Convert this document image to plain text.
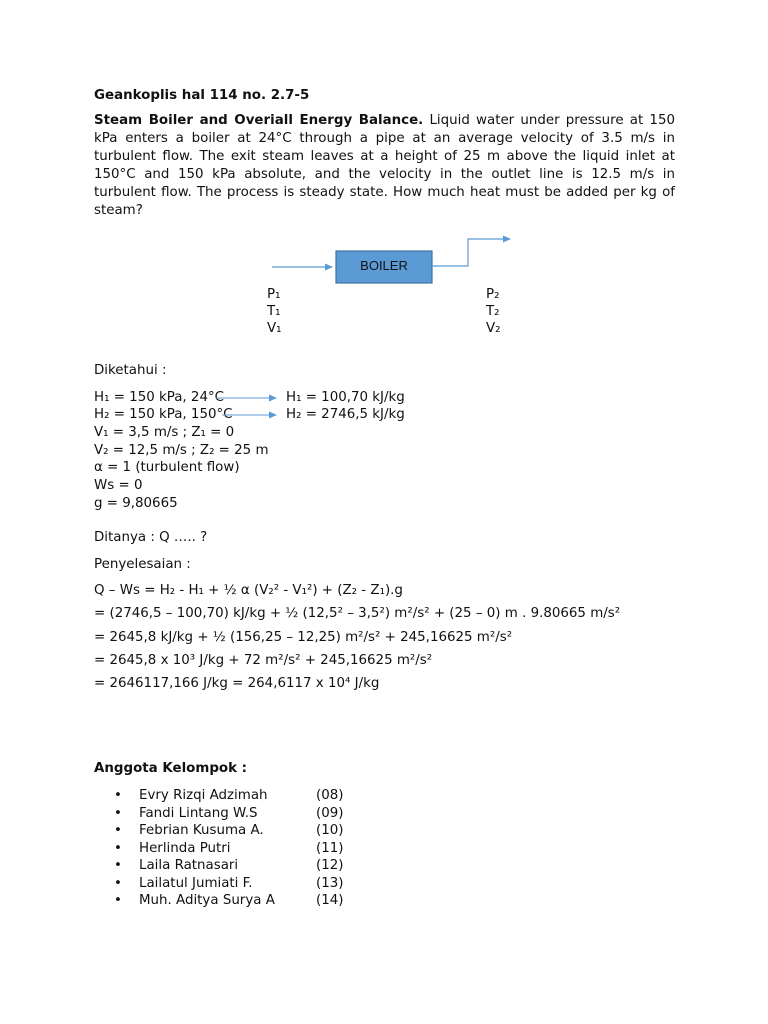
Geankoplis hal 114 no. 2.7-5
Steam Boiler and Overiall Energy Balance. Liquid water under pressure at 150 kPa enters a boiler at 24°C through a pipe at an average velocity of 3.5 m/s in turbulent flow. The exit steam leaves at a height of 25 m above the liquid inlet at 150°C and 150 kPa absolute, and the velocity in the outlet line is 12.5 m/s in turbulent flow. The process is steady state. How much heat must be added per kg of steam?
BOILER
P₁
T₁
V₁
P₂
T₂
V₂
Diketahui :
H₁ = 150 kPa, 24°C	H₁ = 100,70 kJ/kg
H₂ = 150 kPa, 150°C	H₂ = 2746,5 kJ/kg
V₁ = 3,5 m/s ; Z₁ = 0
V₂ = 12,5 m/s ; Z₂ = 25 m
α = 1 (turbulent flow)
Ws = 0
g = 9,80665
Ditanya : Q ….. ?
Penyelesaian :
Q – Ws = H₂ - H₁ + ½ α (V₂² - V₁²) + (Z₂ - Z₁).g
= (2746,5 – 100,70) kJ/kg + ½ (12,5² – 3,5²) m²/s² + (25 – 0) m . 9.80665 m/s²
= 2645,8 kJ/kg + ½ (156,25 – 12,25) m²/s² + 245,16625 m²/s²
= 2645,8 x 10³ J/kg + 72 m²/s² + 245,16625 m²/s²
= 2646117,166 J/kg = 264,6117 x 10⁴ J/kg
Anggota Kelompok :
• Evry Rizqi Adzimah	(08)
• Fandi Lintang W.S	(09)
• Febrian Kusuma A.	(10)
• Herlinda Putri	(11)
• Laila Ratnasari	(12)
• Lailatul Jumiati F.	(13)
• Muh. Aditya Surya A	(14)
